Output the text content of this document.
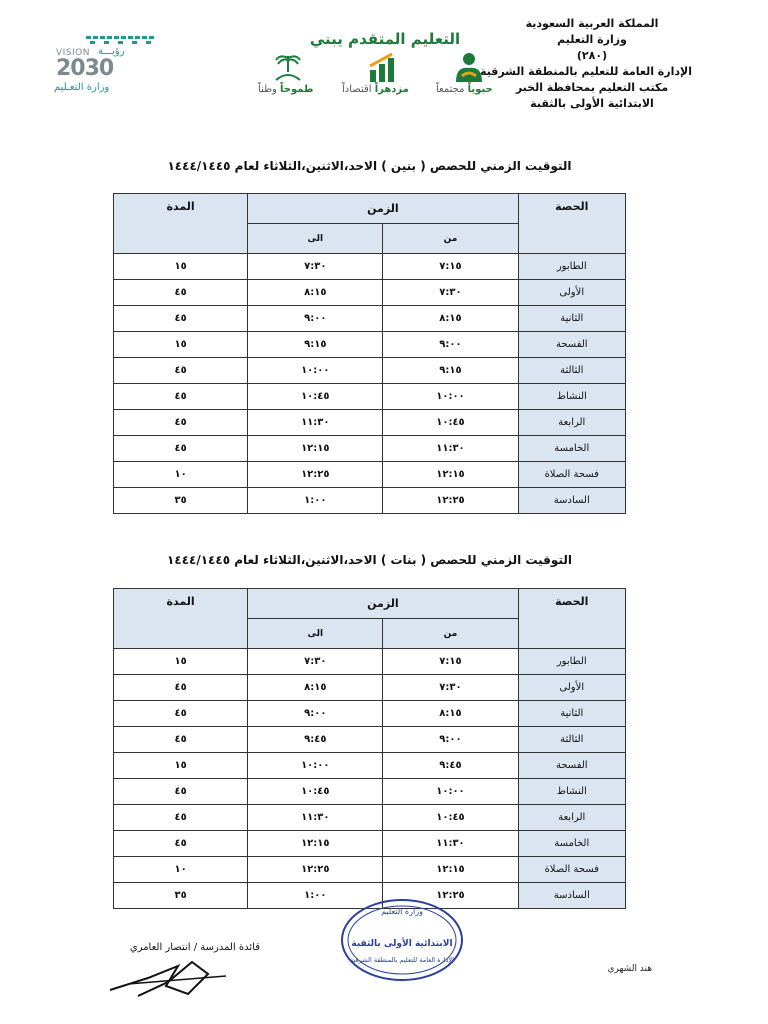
المملكة العربية السعودية
وزارة التعليم
(٢٨٠)
الإدارة العامة للتعليم بالمنطقة الشرقية
مكتب التعليم بمحافظة الخبر
الابتدائية الأولى بالثقبة
VISION رؤيـــة
2030
وزارة التعـليم
التعليم المتقدم يبني
طموحاً وطناً	مزدهراً اقتصاداً	حيوياً مجتمعاً
التوقيت الزمني للحصص ( بنين ) الاحد،الاثنين،الثلاثاء لعام ١٤٤٤/١٤٤٥
الحصة	الزمن		المدة
	من	الى	
الطابور	٧:١٥	٧:٣٠	١٥
الأولى	٧:٣٠	٨:١٥	٤٥
الثانية	٨:١٥	٩:٠٠	٤٥
الفسحة	٩:٠٠	٩:١٥	١٥
الثالثة	٩:١٥	١٠:٠٠	٤٥
النشاط	١٠:٠٠	١٠:٤٥	٤٥
الرابعة	١٠:٤٥	١١:٣٠	٤٥
الخامسة	١١:٣٠	١٢:١٥	٤٥
فسحة الصلاة	١٢:١٥	١٢:٢٥	١٠
السادسة	١٢:٢٥	١:٠٠	٣٥
التوقيت الزمني للحصص ( بنات ) الاحد،الاثنين،الثلاثاء لعام ١٤٤٤/١٤٤٥
الحصة	الزمن		المدة
	من	الى	
الطابور	٧:١٥	٧:٣٠	١٥
الأولى	٧:٣٠	٨:١٥	٤٥
الثانية	٨:١٥	٩:٠٠	٤٥
الثالثة	٩:٠٠	٩:٤٥	٤٥
الفسحة	٩:٤٥	١٠:٠٠	١٥
النشاط	١٠:٠٠	١٠:٤٥	٤٥
الرابعة	١٠:٤٥	١١:٣٠	٤٥
الخامسة	١١:٣٠	١٢:١٥	٤٥
فسحة الصلاة	١٢:١٥	١٢:٢٥	١٠
السادسة	١٢:٢٥	١:٠٠	٣٥
قائدة المدرسة / انتصار العامري
وزارة التعليم
الابتدائية الأولى بالثقبة
الإدارة العامة للتعليم بالمنطقة الشرقية
هند الشهري
